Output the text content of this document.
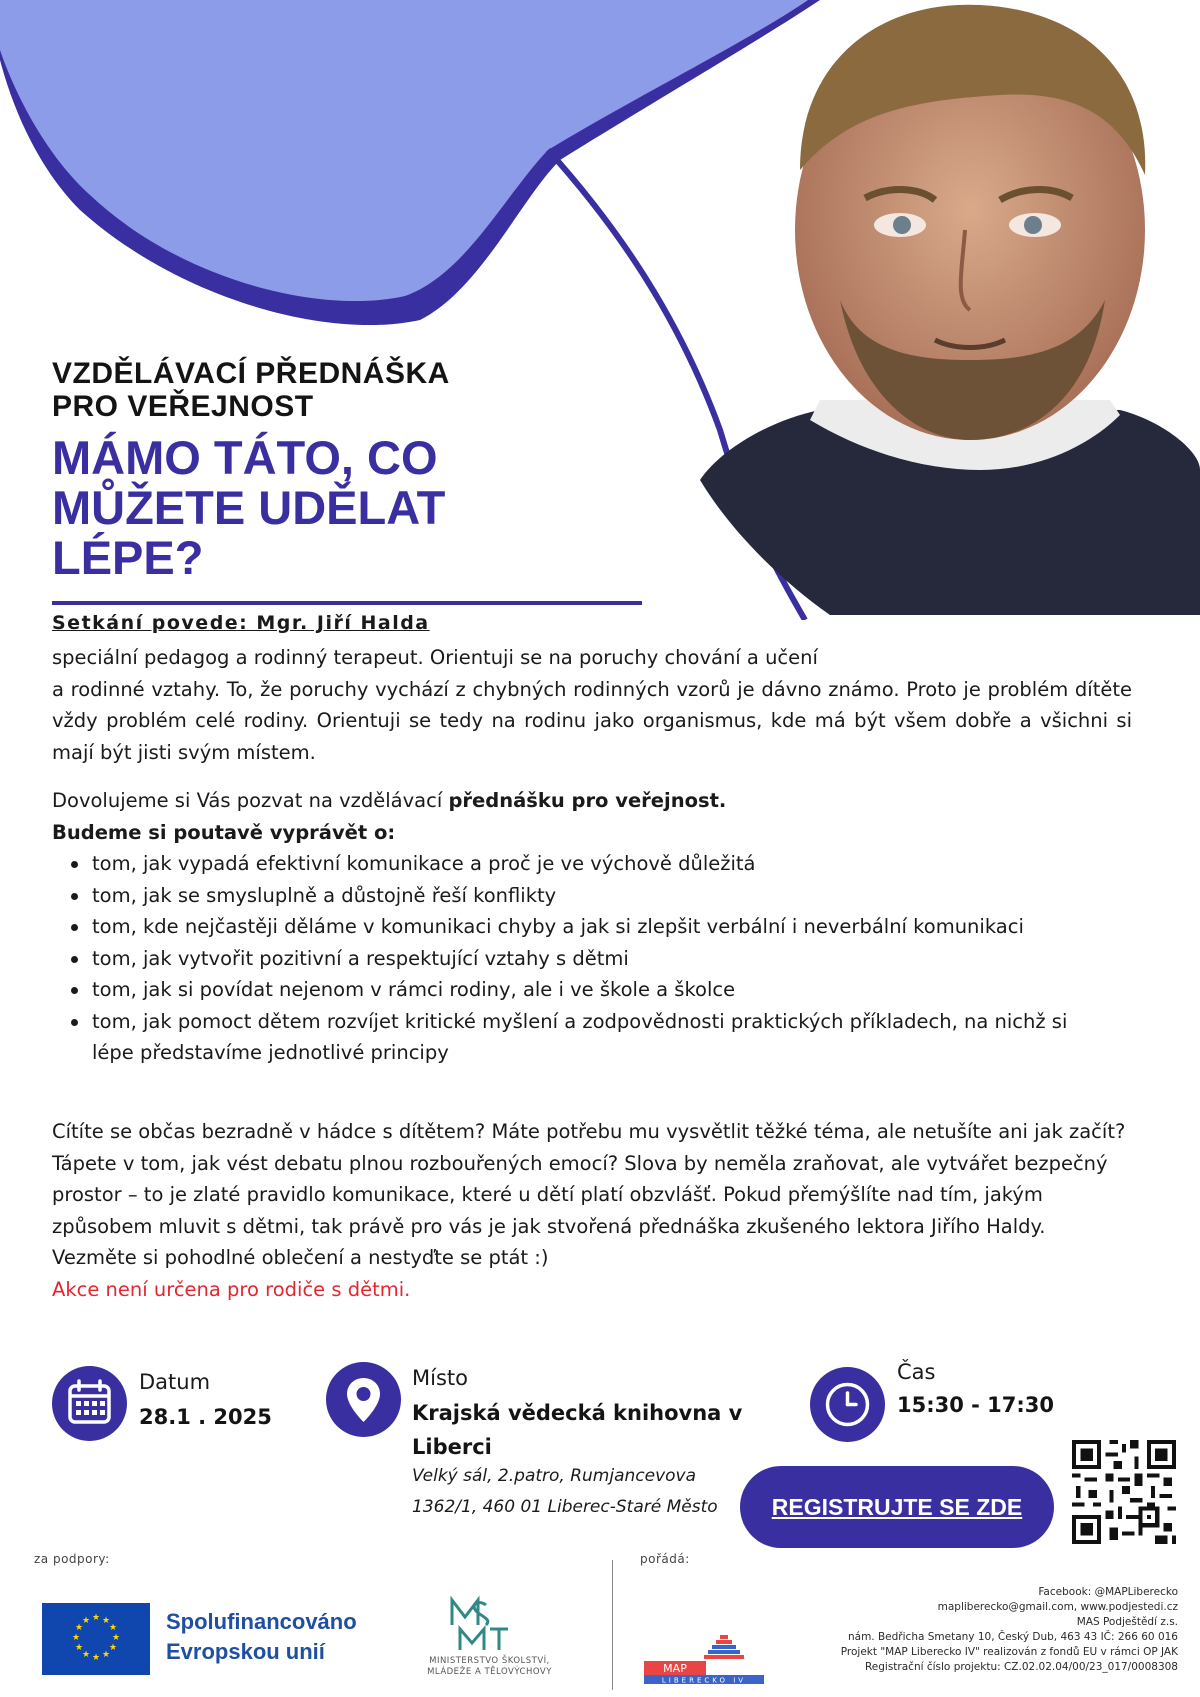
VZDĚLÁVACÍ PŘEDNÁŠKA
PRO VEŘEJNOST
MÁMO TÁTO, CO
MŮŽETE UDĚLAT
LÉPE?
Setkání povede: Mgr. Jiří Halda
speciální pedagog a rodinný terapeut. Orientuji se na poruchy chování a učení
a rodinné vztahy. To, že poruchy vychází z chybných rodinných vzorů je dávno známo. Proto je problém dítěte vždy problém celé rodiny. Orientuji se tedy na rodinu jako organismus, kde má být všem dobře a všichni si mají být jisti svým místem.
Dovolujeme si Vás pozvat na vzdělávací přednášku pro veřejnost.
Budeme si poutavě vyprávět o:
tom, jak vypadá efektivní komunikace a proč je ve výchově důležitá
tom, jak se smysluplně a důstojně řeší konflikty
tom, kde nejčastěji děláme v komunikaci chyby a jak si zlepšit verbální i neverbální komunikaci
tom, jak vytvořit pozitivní a respektující vztahy s dětmi
tom, jak si povídat nejenom v rámci rodiny, ale i ve škole a školce
tom, jak pomoct dětem rozvíjet kritické myšlení a zodpovědnosti praktických příkladech, na nichž si lépe představíme jednotlivé principy
Cítíte se občas bezradně v hádce s dítětem? Máte potřebu mu vysvětlit těžké téma, ale netušíte ani jak začít? Tápete v tom, jak vést debatu plnou rozbouřených emocí? Slova by neměla zraňovat, ale vytvářet bezpečný prostor – to je zlaté pravidlo komunikace, které u dětí platí obzvlášť. Pokud přemýšlíte nad tím, jakým způsobem mluvit s dětmi, tak právě pro vás je jak stvořená přednáška zkušeného lektora Jiřího Haldy.
Vezměte si pohodlné oblečení a nestyďte se ptát :)
Akce není určena pro rodiče s dětmi.
Datum
28.1 . 2025
Místo
Krajská vědecká knihovna v
Liberci
Velký sál, 2.patro, Rumjancevova
1362/1, 460 01 Liberec-Staré Město
Čas
15:30 - 17:30
REGISTRUJTE SE ZDE
za podpory:	pořádá:
★ ★
★
★
★
★
★
★
★
★
★
★	Spolufinancováno
Evropskou unií	MINISTERSTVO ŠKOLSTVÍ,
MLÁDEŽE A TĚLOVÝCHOVY	MAP
LIBERECKO IV
Facebook: @MAPLiberecko
mapliberecko@gmail.com, www.podjestedi.cz
MAS Podještědí z.s.
nám. Bedřicha Smetany 10, Český Dub, 463 43 IČ: 266 60 016
Projekt "MAP Liberecko IV" realizován z fondů EU v rámci OP JAK
Registrační číslo projektu: CZ.02.02.04/00/23_017/0008308
